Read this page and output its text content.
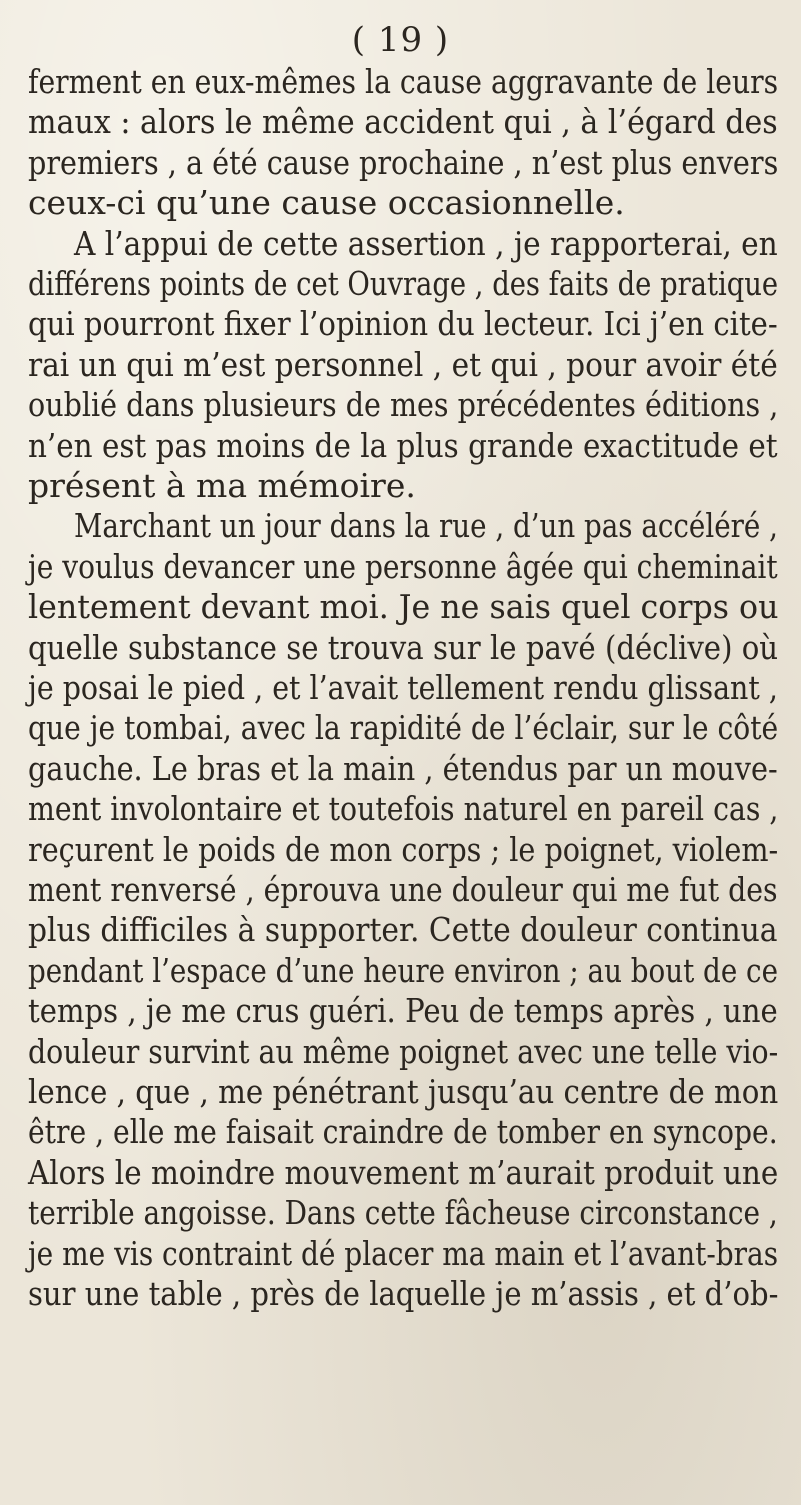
( 19 )
ferment en eux-mêmes la cause aggravante de leurs
maux : alors le même accident qui , à l’égard des
premiers , a été cause prochaine , n’est plus envers
ceux-ci qu’une cause occasionnelle.
A l’appui de cette assertion , je rapporterai, en
différens points de cet Ouvrage , des faits de pratique
qui pourront fixer l’opinion du lecteur. Ici j’en cite-
rai un qui m’est personnel , et qui , pour avoir été
oublié dans plusieurs de mes précédentes éditions ,
n’en est pas moins de la plus grande exactitude et
présent à ma mémoire.
Marchant un jour dans la rue , d’un pas accéléré ,
je voulus devancer une personne âgée qui cheminait
lentement devant moi. Je ne sais quel corps ou
quelle substance se trouva sur le pavé (déclive) où
je posai le pied , et l’avait tellement rendu glissant ,
que je tombai, avec la rapidité de l’éclair, sur le côté
gauche. Le bras et la main , étendus par un mouve-
ment involontaire et toutefois naturel en pareil cas ,
reçurent le poids de mon corps ; le poignet, violem-
ment renversé , éprouva une douleur qui me fut des
plus difficiles à supporter. Cette douleur continua
pendant l’espace d’une heure environ ; au bout de ce
temps , je me crus guéri. Peu de temps après , une
douleur survint au même poignet avec une telle vio-
lence , que , me pénétrant jusqu’au centre de mon
être , elle me faisait craindre de tomber en syncope.
Alors le moindre mouvement m’aurait produit une
terrible angoisse. Dans cette fâcheuse circonstance ,
je me vis contraint dé placer ma main et l’avant-bras
sur une table , près de laquelle je m’assis , et d’ob-
